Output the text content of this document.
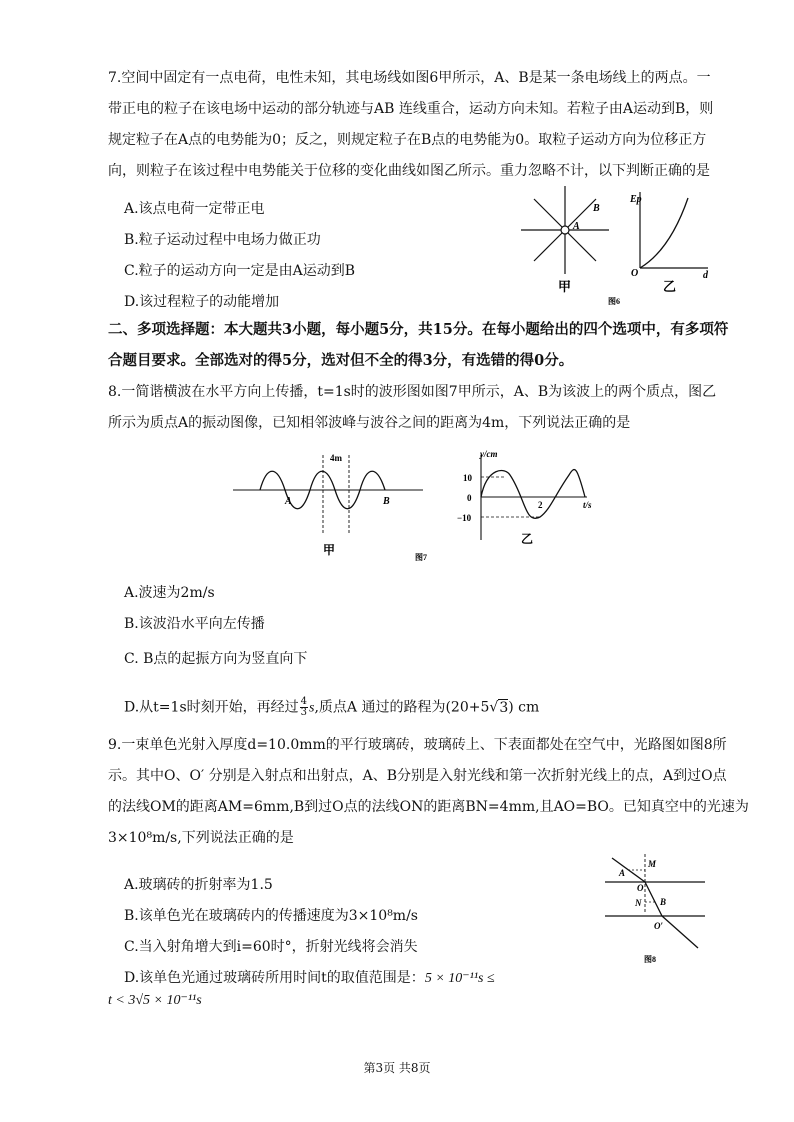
7.空间中固定有一点电荷，电性未知，其电场线如图6甲所示，A、B是某一条电场线上的两点。一
带正电的粒子在该电场中运动的部分轨迹与AB 连线重合，运动方向未知。若粒子由A运动到B，则
规定粒子在A点的电势能为0；反之，则规定粒子在B点的电势能为0。取粒子运动方向为位移正方
向，则粒子在该过程中电势能关于位移的变化曲线如图乙所示。重力忽略不计，以下判断正确的是
A.该点电荷一定带正电
B.粒子运动过程中电场力做正功
C.粒子的运动方向一定是由A运动到B
D.该过程粒子的动能增加
A
B
甲
Ep
O	d
乙
图6
二、多项选择题：本大题共3小题，每小题5分，共15分。在每小题给出的四个选项中，有多项符
合题目要求。全部选对的得5分，选对但不全的得3分，有选错的得0分。
8.一简谐横波在水平方向上传播，t=1s时的波形图如图7甲所示，A、B为该波上的两个质点，图乙
所示为质点A的振动图像，已知相邻波峰与波谷之间的距离为4m，下列说法正确的是
4m
A	B
甲
y/cm
10
0
−10
2	t/s
乙
图7
A.波速为2m/s
B.该波沿水平向左传播
C. B点的起振方向为竖直向下
D.从t=1s时刻开始，再经过 $\frac{4}{3} s$,质点A 通过的路程为(20+5√3) cm
9.一束单色光射入厚度d=10.0mm的平行玻璃砖，玻璃砖上、下表面都处在空气中，光路图如图8所
示。其中O、O′ 分别是入射点和出射点，A、B分别是入射光线和第一次折射光线上的点，A到过O点
的法线OM的距离AM=6mm,B到过O点的法线ON的距离BN=4mm,且AO=BO。已知真空中的光速为
3×10⁸m/s,下列说法正确的是
A.玻璃砖的折射率为1.5
B.该单色光在玻璃砖内的传播速度为3×10⁸m/s
C.当入射角增大到i=60时°，折射光线将会消失
D.该单色光通过玻璃砖所用时间t的取值范围是：5 × 10⁻¹¹s ≤
t < 3√5 × 10⁻¹¹s
M
A
O
N B
O′
图8
第3页 共8页
